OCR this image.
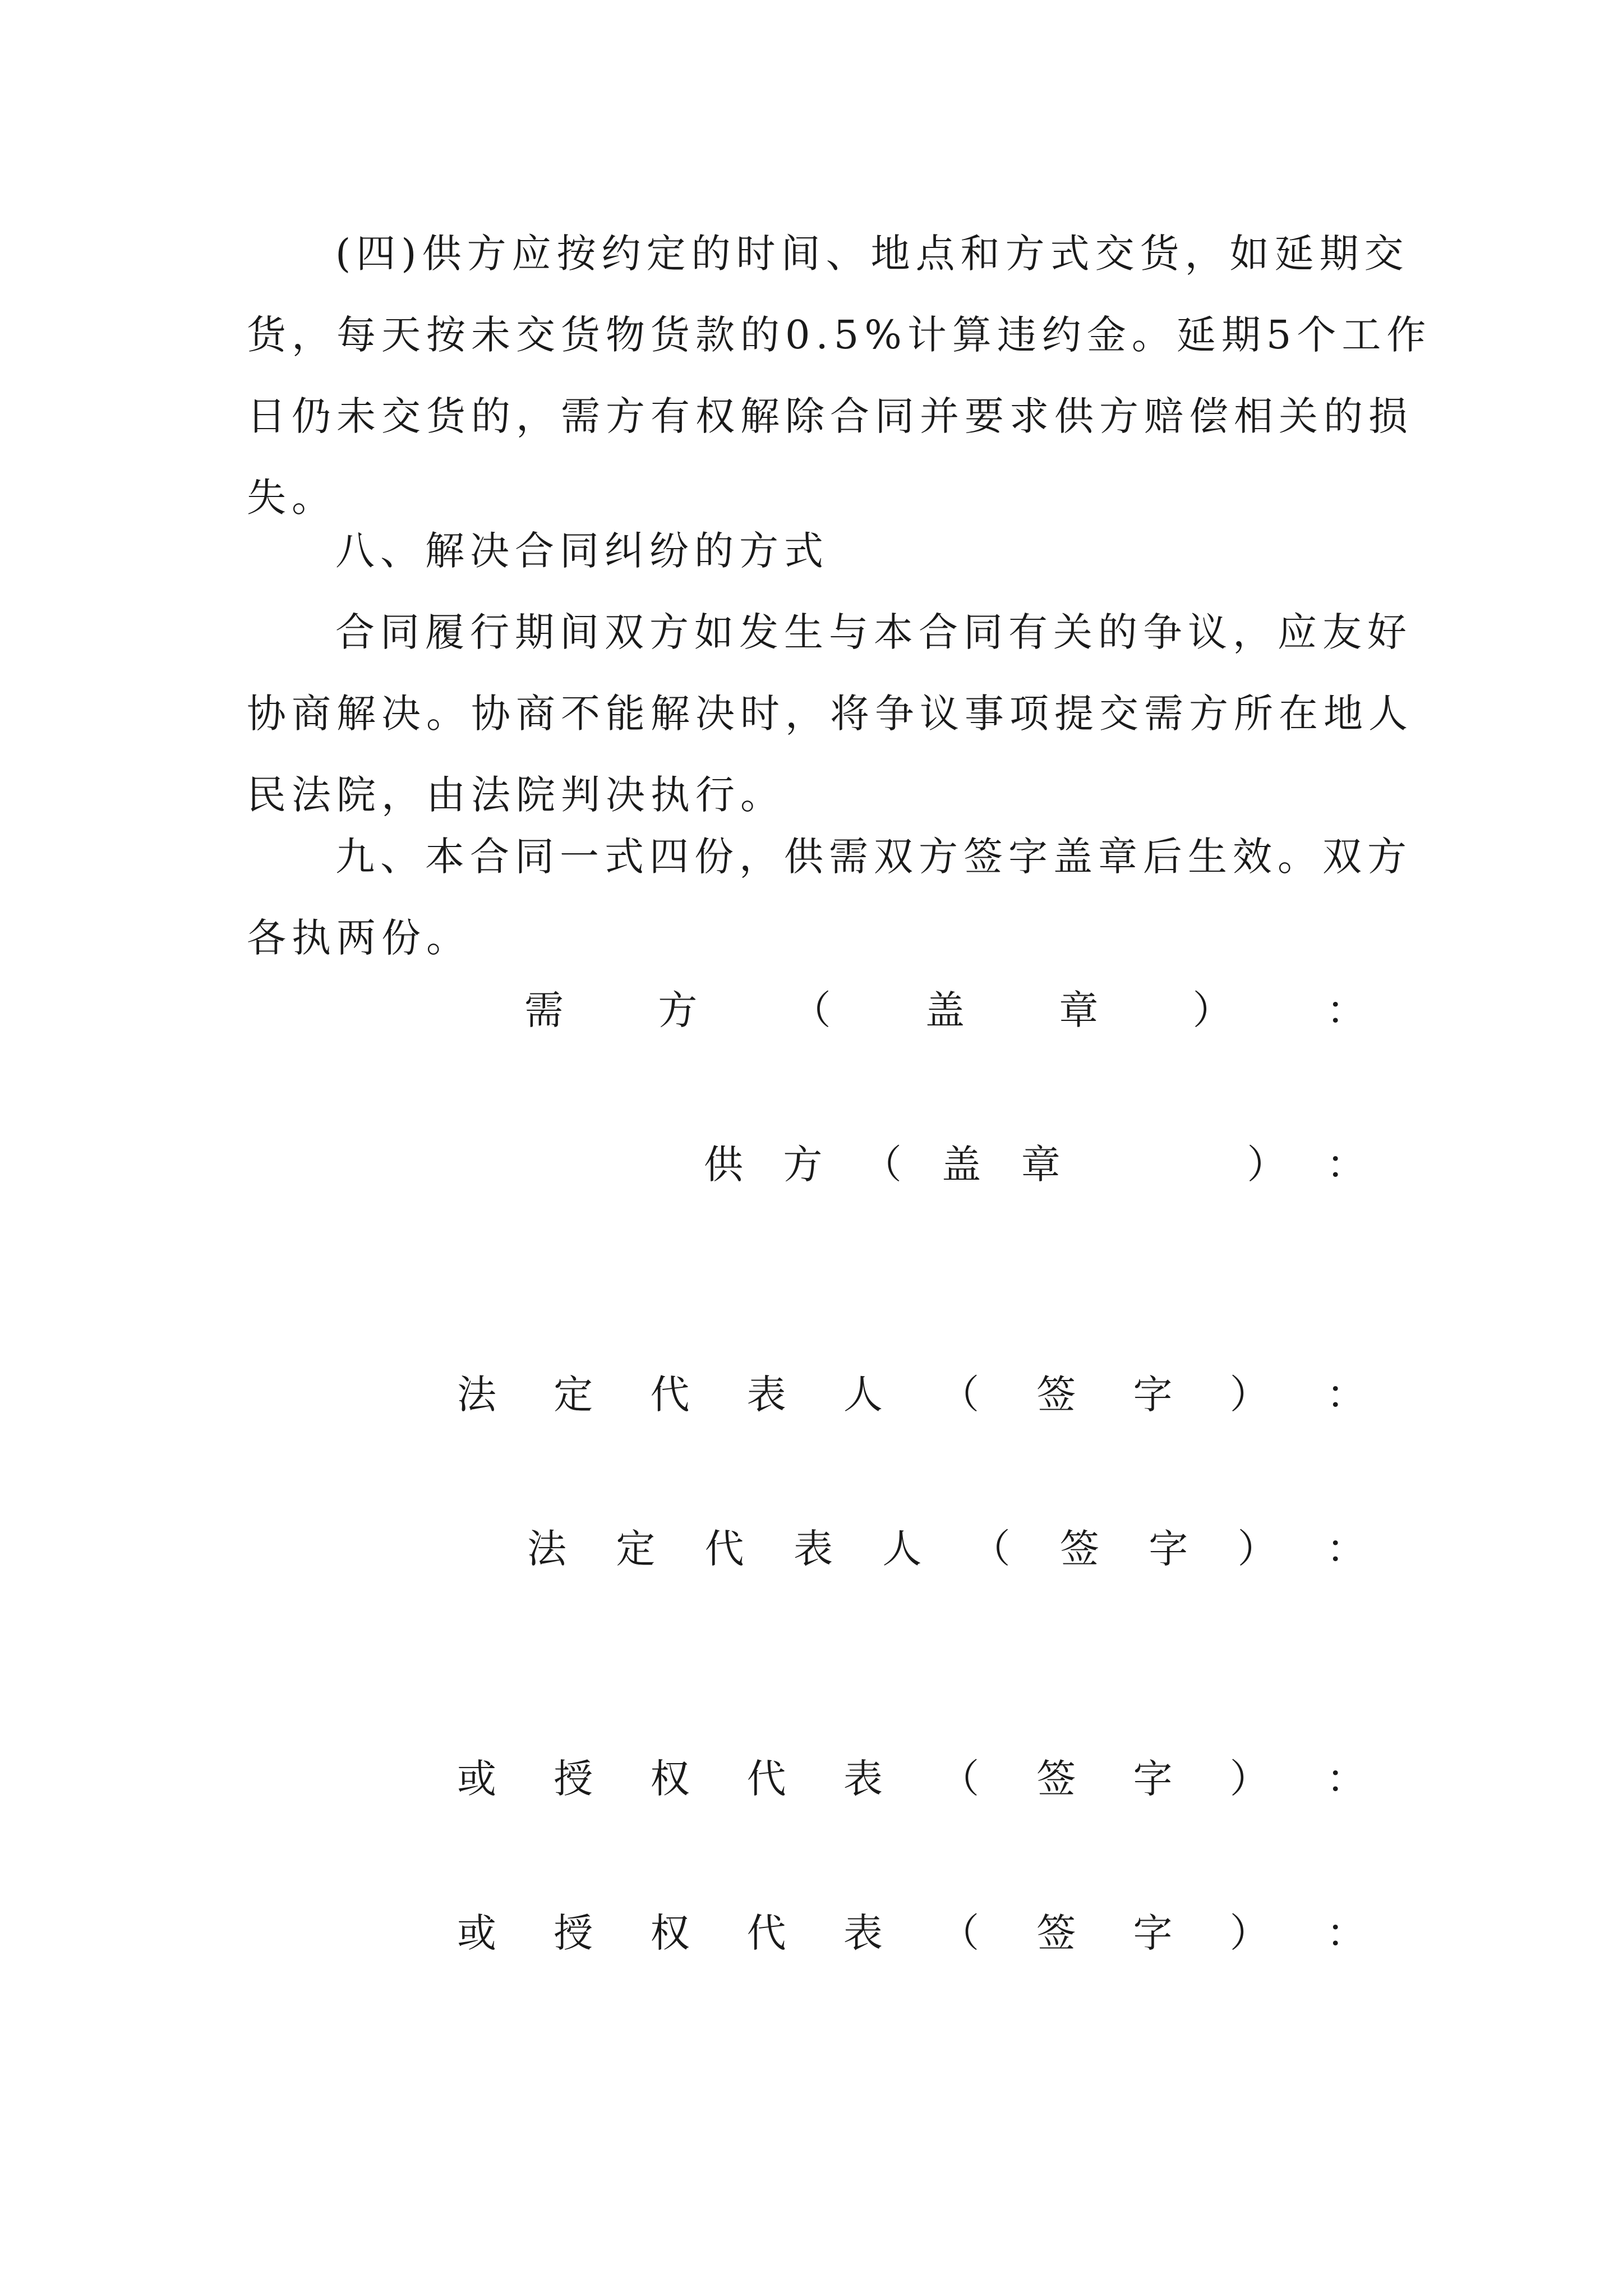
(四)供方应按约定的时间、地点和方式交货，如延期交
货，每天按未交货物货款的0.5%计算违约金。延期5个工作
日仍未交货的，需方有权解除合同并要求供方赔偿相关的损
失。
八、解决合同纠纷的方式
合同履行期间双方如发生与本合同有关的争议，应友好
协商解决。协商不能解决时，将争议事项提交需方所在地人
民法院，由法院判决执行。
九、本合同一式四份，供需双方签字盖章后生效。双方
各执两份。
需 方 （ 盖 章 ） ：
供 方 （ 盖 章	） ：
法 定 代 表 人 （ 签 字 ） ：
法 定 代 表 人 （ 签 字 ） ：
或 授 权 代 表 （ 签 字 ） ：
或 授 权 代 表 （ 签 字 ） ：
